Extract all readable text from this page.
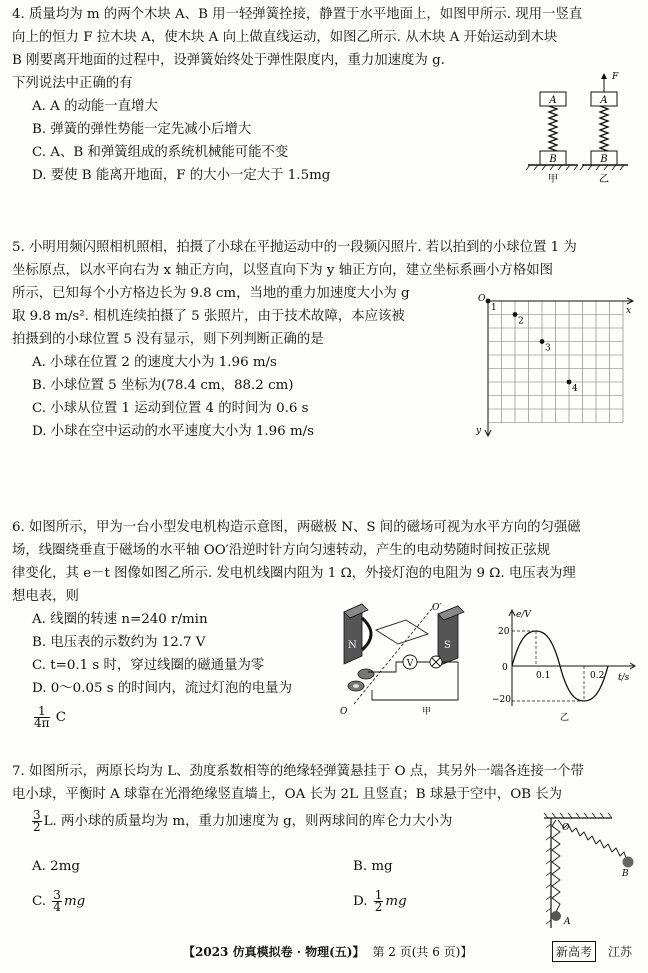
4. 质量均为 m 的两个木块 A、B 用一轻弹簧拴接，静置于水平地面上，如图甲所示. 现用一竖直
向上的恒力 F 拉木块 A，使木块 A 向上做直线运动，如图乙所示. 从木块 A 开始运动到木块
B 刚要离开地面的过程中，设弹簧始终处于弹性限度内，重力加速度为 g.
下列说法中正确的有
A. A 的动能一直增大
B. 弹簧的弹性势能一定先减小后增大
C. A、B 和弹簧组成的系统机械能可能不变
D. 要使 B 能离开地面，F 的大小一定大于 1.5mg
A
B
甲
F
A
B
乙
5. 小明用频闪照相机照相，拍摄了小球在平抛运动中的一段频闪照片. 若以拍到的小球位置 1 为
坐标原点，以水平向右为 x 轴正方向，以竖直向下为 y 轴正方向，建立坐标系画小方格如图
所示，已知每个小方格边长为 9.8 cm，当地的重力加速度大小为 g
取 9.8 m/s². 相机连续拍摄了 5 张照片，由于技术故障，本应该被
拍摄到的小球位置 5 没有显示，则下列判断正确的是
A. 小球在位置 2 的速度大小为 1.96 m/s
B. 小球位置 5 坐标为(78.4 cm，88.2 cm)
C. 小球从位置 1 运动到位置 4 的时间为 0.6 s
D. 小球在空中运动的水平速度大小为 1.96 m/s
O
x
y
1
2
3
4
6. 如图所示，甲为一台小型发电机构造示意图，两磁极 N、S 间的磁场可视为水平方向的匀强磁
场，线圈绕垂直于磁场的水平轴 OO′沿逆时针方向匀速转动，产生的电动势随时间按正弦规
律变化，其 e－t 图像如图乙所示. 发电机线圈内阻为 1 Ω，外接灯泡的电阻为 9 Ω. 电压表为理
想电表，则
A. 线圈的转速 n=240 r/min
B. 电压表的示数约为 12.7 V
C. t=0.1 s 时，穿过线圈的磁通量为零
D. 0～0.05 s 的时间内，流过灯泡的电量为
$\frac{1}{4\pi}$ C
N	S
O′
O
V
甲
e/V
t/s
0
20
−20
0.1	0.2
乙
7. 如图所示，两原长均为 L、劲度系数相等的绝缘轻弹簧悬挂于 O 点，其另外一端各连接一个带
电小球，平衡时 A 球靠在光滑绝缘竖直墙上，OA 长为 2L 且竖直；B 球悬于空中，OB 长为
$\frac{3}{2} L$. 两小球的质量均为 m，重力加速度为 g，则两球间的库仑力大小为
A. 2mg	B. mg
C. $\frac{3}{4}$ mg	D. $\frac{1}{2}$ mg
O
A
B
【2023 仿真模拟卷 · 物理(五)】 第 2 页(共 6 页)】	新高考	江苏
